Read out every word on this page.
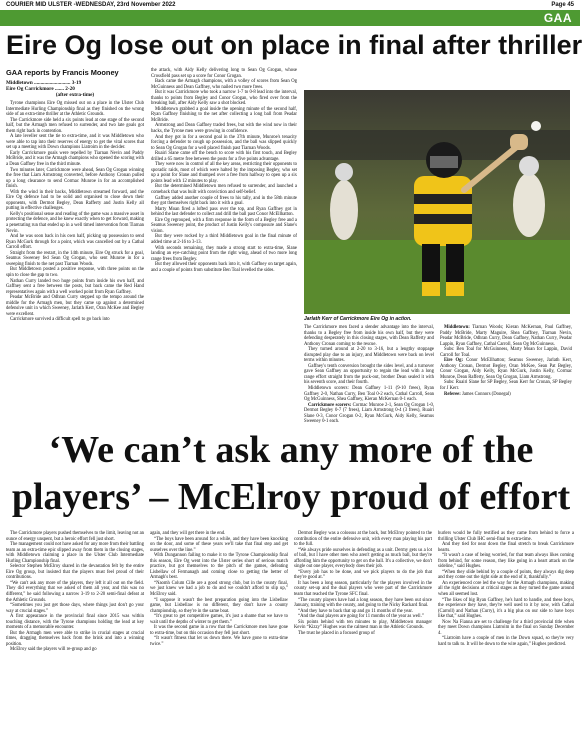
COURIER MID ULSTER -WEDNESDAY, 23rd November 2022	Page 45
GAA
Eire Og lose out on place in final after thriller
GAA reports by Francis Mooney
Middletown ............................ 3-19
Eire Og Carrickmore ....... 2-20
(after extra-time)

Tyrone champions Eire Og missed out on a place in the Ulster Club Intermediate Hurling Championship final as they finished on the wrong side of an extra-time thriller at the Athletic Grounds.

The Carrickmore side held a six points lead at one stage of the second half, but the Armagh men refused to surrender, and two late goals got them right back in contention.

A late leveller sent the tie to extra-time, and it was Middletown who were able to tap into their reserves of energy to get the vital scores that set up a meeting with Down champions Liatroim in the decider.

Early Carrickmore goals were repelled by Tiarnan Nevin and Paddy McBride, and it was the Armagh champions who opened the scoring with a Dean Gaffney free in the third minute.

Two minutes later, Carrickmore were ahead, Sean Og Grogan winning the free that Liam Armstrong converted, before Anthony Cronan pulled up a long clearance to send Cormac Munroe in for an accomplished finish.

With the wind in their backs, Middletown streamed forward, and the Eire Og defence had to be solid and organised to close down their opponents, with Dermot Begley, Dean Rafferty and Justin Kelly all putting in effective challenges.

Kelly's positional sense and reading of the game was a massive asset in protecting the defence, and he knew exactly when to get forward, making a penetrating run that ended up in a well timed intervention from Tiarnan Nevin.

And he was soon back in his own half, picking up possession to send Ryan McGurk through for a point, which was cancelled out by a Cathal Carroll effort.

Straight from the restart, in the 14th minute, Eire Og struck for a goal, Seamus Sweeney fed Sean Og Grogan, who sent Munroe in for a sweeping finish to the net past Tiarnan Woods.

But Middletown posted a positive response, with three points on the spin to close the gap to two.

Nathan Curry landed two huge points from inside his own half, and Gaffney sent a free between the posts, but back came the Red Hand representatives again with a well worked point from Ryan Gaffney.

Peadar McBride and Odhran Curry stepped up the tempo around the middle for the Armagh men, but they came up against a determined defensive unit in which Sweeney, Jarlath Kerr, Oran McKee and Begley were excellent.

Carrickmore survived a difficult spell to go back into

the attack, with Aidy Kelly delivering long to Sean Og Grogan, whose Crossfield pass set up a score for Conor Grogan.

Back came the Armagh champions, with a volley of scores from Sean Og McGuinness and Dean Gaffney, who nailed two more frees.

But it was Carrickmore who took a narrow 1-7 to 0-8 lead into the interval, thanks to points from Begley and Conor Grogan, who fired over from the breaking ball, after Aidy Kelly saw a shot blocked.

Middletown grabbed a goal inside the opening minute of the second half, Ryan Gaffney finishing to the net after collecting a long ball from Peadar McBride.

Armstrong and Dean Gaffney traded frees, but with the wind now in their backs, the Tyrone men were growing in confidence.

And they got in for a second goal in the 37th minute, Munroe's tenacity forcing a defender to cough up possession, and the ball was slipped quickly to Sean Og Grogan for a well placed finish past Tiarnan Woods.

Ruairi Slane came off the bench to score with his first touch, and Begley drilled a 65 metre free between the posts for a five points advantage.

They were now in control of all the key areas, restricting their opponents to sporadic raids, most of which were halted by the imposing Begley, who set up a point for Slane and thumped over a free from halfway to open up a six points lead with 12 minutes to play.

But the determined Middletown men refused to surrender, and launched a comeback that was built with conviction and self-belief.

Gaffney added another couple of frees to his tally, and in the 58th minute they got themselves right back into it with a goal.

Marty Moan fired a lofted pass over the top, and Ryan Gaffney got in behind the last defender to collect and drill the ball past Conor McEllhatton.

Eire Og regrouped, with a firm response in the form of a Begley free and a Seamus Sweeney point, the product of Justin Kelly's composure and Slane's vision.

But they were rocked by a third Middletown goal in the final minute of added time at 2-16 to 3-13.

With seconds remaining, they made a strong start to extra-time, Slane landing an eye-catching point from the right wing, ahead of two more long range frees from Begley.

But they allowed their opponents back into it, with Gaffney on target again, and a couple of points from substitute Ben Toal levelled the sides.

Jarlath Kerr of Carrickmore Eire Og in action.

The Carrickmore men faced a slender advantage into the interval, thanks to a Begley free from inside his own half, but they were defending desperately in this closing stages, with Dean Rafferty and Anthony Cronan coming to the rescue.

They turned around at 2-20 to 3-16, but a lengthy stoppage disrupted play due to an injury, and Middletown were back on level terms within minutes.

Gaffney's tenth conversion brought the sides level, and a turnover gave Sean Gaffney an opportunity to regain the lead with a long range effort straight from the puck-out, brother Dean sealed it with his seventh score, and their fourth.

Middletown scorers: Dean Gaffney 1-11 (9-10 frees), Ryan Gaffney 2-0, Nathan Curry, Ben Toal 0-2 each, Cathal Carroll, Sean Og McGuinness, Shea Gaffney, Kieran McKernan 0-1 each.

Carrickmore scorers: Cormac Munroe 2-1, Sean Og Grogan 1-0, Dermot Begley 0-7 (7 frees), Liam Armstrong 0-4 (3 frees), Ruairi Slane 0-3, Conor Grogan 0-2, Ryan McGurk, Aidy Kelly, Seamus Sweeney 0-1 each.

Middletown: Tiarnan Woods; Kieran McKernan, Paul Gaffney, Paddy McBride, Marty Maguire, Shea Gaffney, Tiarnan Nevin, Peadar McBride, Odhran Curry, Dean Gaffney, Nathan Curry, Peadar Lappin, Ryan Gaffney, Cathal Carroll, Sean Og McGuinness.

Subs: Ben Toal for McGuinness, Marty Moan for Lappin, David Carroll for Toal.

Eire Og: Conor McEllhatton; Seamus Sweeney, Jarlath Kerr, Anthony Cronan, Dermot Begley, Oran McKee, Sean Pat Begley, Conor Grogan, Aidy Kelly, Ryan McGurk, Justin Kelly, Cormac Munroe, Dean Rafferty, Sean Og Grogan, Liam Armstrong.

Subs: Ruairi Slane for SP Begley, Sean Kerr for Cronan, SP Begley for J Kerr.

Referee: James Connors (Donegal)

‘We can’t ask any more of the players’ – McElroy proud of effort

The Carrickmore players pushed themselves to the limit, leaving not an ounce of energy unspent, but a heroic effort fell just short.

The management could not have asked for any more from their battling team as an extra-time epic slipped away from them in the closing stages, with Middletown claiming a place in the Ulster Club Intermediate Hurling Championship final.

Selector Stephen McElroy shared in the devastation felt by the entire Eire Og group, but insisted that the players must feel proud of their contributions.

“We can't ask any more of the players, they left it all out on the field. They did everything that we asked of them all year, and this was no different,” he said following a narrow 3-19 to 2-20 semi-final defeat at the Athletic Grounds.

“Sometimes you just get those days, where things just don't go your way at crucial stages.”

A first appearance in the provincial final since 2015 was within touching distance, with the Tyrone champions holding the lead at key moments of a memorable encounter.

But the Armagh men were able to strike in crucial stages at crucial times, dragging themselves back from the brink and into a winning position.

McElroy said the players will re-group and go

again, and they will get there in the end.

“The boys have been around for a while, and they have been knocking on the door, and some of these years we'll take that final step and get ourselves over the line.”

With Dungannon failing to make it to the Tyrone Championship final this season, Eire Og went into the Ulster series short of serious match practice, but got themselves to the pitch of the games, defeating Lisbellaw of Fermanagh and coming close to getting the better of Armagh's best.

“Naomh Colum Cille are a good strong club, but in the county final, we just knew we had a job to do and we couldn't afford to slip up,” McElroy said.

“I suppose it wasn't the best preparation going into the Lisbellaw game, but Lisbellaw is no different, they don't have a county championship, so they're in the same boat.

“It's great to get competitive games, it's just a shame that we have to wait until the depths of winter to get them.”

It was the second game in a row that the Carrickmore men have gone to extra-time, but on this occasion they fell just short.

“It wasn't fitness that let us down there. We have gone to extra-time twice.”

Dermot Begley was a colossus at the back, but McElroy pointed to the contribution of the entire defensive unit, with every man playing his part to the full.

“We always pride ourselves in defending as a unit. Dermy gets us a lot of ball, but I have other men who aren't getting as much ball, but they're affording him the opportunity to get on the ball. It's a collective, we don't single out one player, everybody does their job.

“Every job has to be done, and we pick players to do the job that they're good at.”

It has been a long season, particularly for the players involved in the county set-up and the dual players who were part of the Carrickmore team that reached the Tyrone SFC final.

“The county players have had a long season, they have been out since January, training with the county, and going to the Nicky Rackard final.

“And they have to back that up and go 11 months of the year.

“And the dual players are going for 11 months of the year as well.”

Six points behind with ten minutes to play, Middletown manager Kevin “Kizzy” Hughes was the calmest man in the Athletic Grounds.

The trust he placed in a focused group of

hurlers would be fully testified as they came from behind to force a thrilling Ulster Club IHC semi-final to extra-time.

And they tied for near down the final stretch to break Carrickmore hearts.

“It wasn't a case of being worried, for that team always likes coming from behind, for some reason, they like going in a heart attack on the sideline,” said Hughes.

“When they slide behind by a couple of points, they always dig deep and they come out the right side at the end of it, thankfully.”

An experienced core led the way for the Armagh champions, making all the right decisions at critical stages as they turned the game around when all seemed lost.

“The likes of big Ryan Gaffney, he's hard to handle, and these boys, the experience they have, they're well used to it by now, with Cathal (Carroll) and Nathan (Curry), it's a big plus on our side to have boys like that,” said Hughes.

Now Na Fianna are set to challenge for a third provincial title when they meet Down champions Liatroim in the final on Sunday December 4.

“Liatroim have a couple of men in the Down squad, so they're very hard to talk to. It will be down to the wire again,” Hughes predicted.
